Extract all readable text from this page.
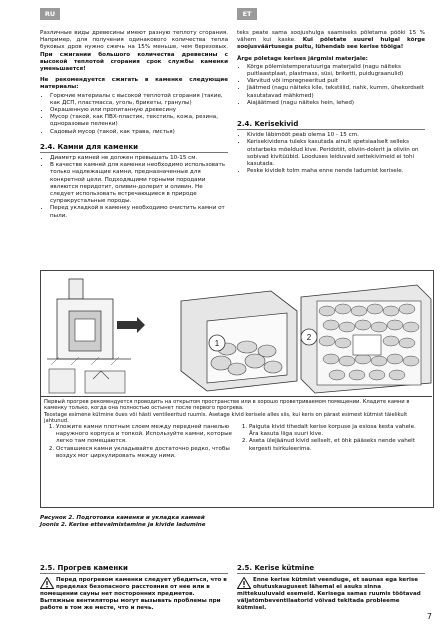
RU	ET

Различные виды древесины имеют разную теплоту сгорания. Например, для получения одинакового количества тепла буковых дров нужно сжечь на 15% меньше, чем березовых. При сжигании большого количества древесины с высокой теплотой сгорания срок службы каменки уменьшается!

Не рекомендуется сжигать в каменке следующие материалы:

• Горючие материалы с высокой теплотой сгорания (такие, как ДСП, пластмасса, уголь, брикеты, гранулы)
• Окрашенную или пропитанную древесину
• Мусор (такой, как ПВХ-пластик, текстиль, кожа, резина, одноразовые пеленки)
• Садовый мусор (такой, как трава, листья)
2.4. Камни для каменки
• Диаметр камней не должен превышать 10-15 см.
• В качестве камней для каменки необходимо использовать только надлежащие камни, предназначенные для конкретной цели. Подходящими горными породами являются перидотит, оливин-долерит и оливин. Не следует использовать встречающиеся в природе супракрустальные породы.
• Перед укладкой в каменку необходимо очистить камни от пыли.

teks peate sama soojushulga saamiseks põletama pööki 15 % vähem kui kaske. Kui põletate suurel hulgal kõrge soojusväärtusega puitu, lühendab see kerise tööiga!

Ärge põletage kerises järgmisi materjale:

• Kõrge põlemistemperatuuriga materjalid (nagu näiteks puitlaastplaat, plastmass, süsi, briketti, puidugraanulid)
• Värvitud või impregneeritud puit
• Jäätmed (nagu näiteks kile, tekstiilid, nahk, kumm, ühekordselt kasutatavad mähkmed)
• Aiajäätmed (nagu näiteks hein, lehed)
2.4. Kerisekivid
• Kivide läbimõõt peab olema 10 - 15 cm.
• Kerisekividena tuleks kasutada ainult spetsiaalselt selleks otstarbeks mõeldud kive. Peridotiit, oliviin-dolerit ja oliviin on sobivad kivitüübid. Looduses leiduvaid settekivimeid ei tohi kasutada.
• Peske kividelt tolm maha enne nende ladumist kerisele.
1
2
Первый прогрев рекомендуется проводить на открытом пространстве или в хорошо проветриваемом помещении. Кладите камни в каменку только, когда она полностью остынет после первого прогрева.
Teostage esimene kütmine õues või hästi ventileeritud ruumis. Asetage kivid kerisele alles siis, kui keris on pärast esimest kütmist täielikult jahtunud.
1. Уложите камни плотным слоем между передней панелью наружного корпуса и топкой. Используйте камни, которые легко там помещаются.
2. Оставшиеся камни укладывайте достаточно редко, чтобы воздух мог циркулировать между ними.
1. Paiguta kivid tihedalt kerise korpuse ja esiosa kesta vahele. Ära kasuta liiga suuri kive.
2. Aseta ülejäänud kivid sellselt, et õhk pääseks nende vahelt kergesti tsirkuleerima.
Рисунок 2. Подготовка каменки и укладка камней
Joonis 2. Kerise ettevalmistamine ja kivide ladumine
2.5. Прогрев каменки	2.5. Kerise kütmine
Перед прогревом каменки следует убедиться, что в пределах безопасного расстояния от нее или в помещении сауны нет посторонних предметов. Вытяжные вентиляторы могут вызывать проблемы при работе в том же месте, что и печь.
Enne kerise kütmist veenduge, et saunas ega kerise ohutuskaugusest lähemal ei asuks sinna mittekuuluvaid esemeid. Kerisega samas ruumis töötavad väljatõmbeventilaatorid võivad tekitada probleeme kütmisel.
7
